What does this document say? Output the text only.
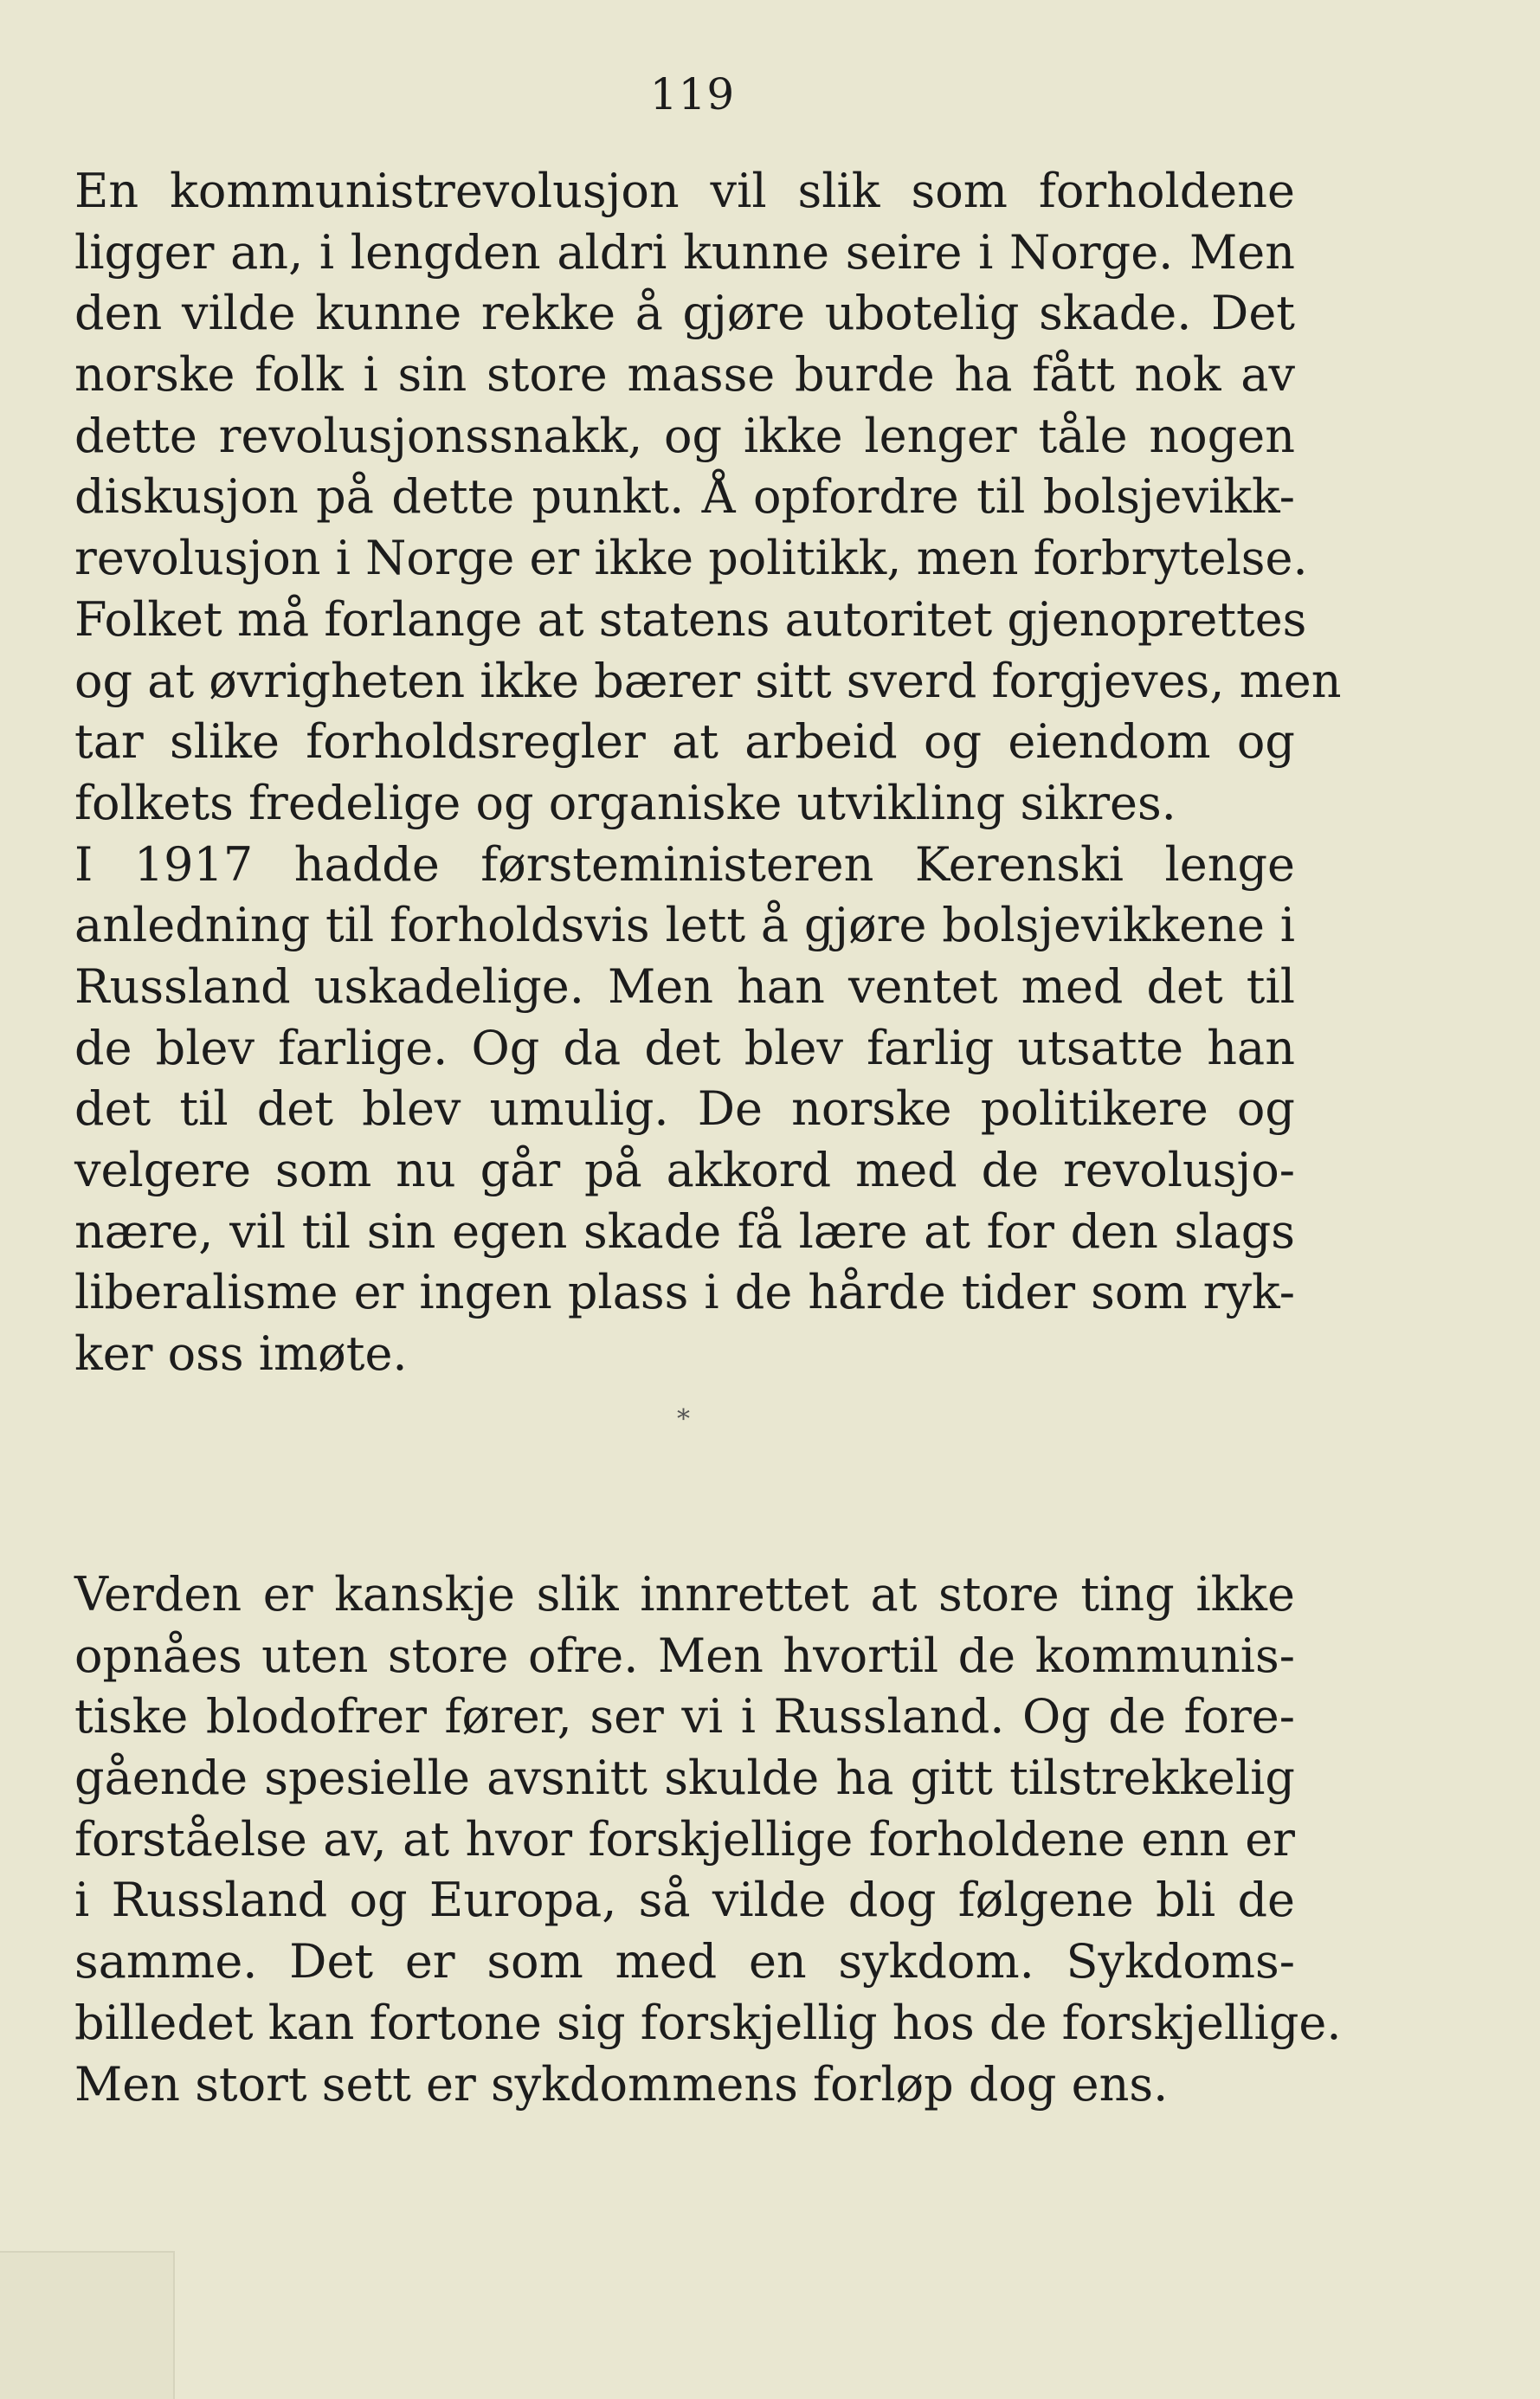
119
En kommunistrevolusjon vil slik som forholdene
ligger an, i lengden aldri kunne seire i Norge. Men
den vilde kunne rekke å gjøre ubotelig skade. Det
norske folk i sin store masse burde ha fått nok av
dette revolusjonssnakk, og ikke lenger tåle nogen
diskusjon på dette punkt. Å opfordre til bolsjevikk-
revolusjon i Norge er ikke politikk, men forbrytelse.
Folket må forlange at statens autoritet gjenoprettes
og at øvrigheten ikke bærer sitt sverd forgjeves, men
tar slike forholdsregler at arbeid og eiendom og
folkets fredelige og organiske utvikling sikres.
I 1917 hadde førsteministeren Kerenski lenge
anledning til forholdsvis lett å gjøre bolsjevikkene i
Russland uskadelige. Men han ventet med det til
de blev farlige. Og da det blev farlig utsatte han
det til det blev umulig. De norske politikere og
velgere som nu går på akkord med de revolusjo-
nære, vil til sin egen skade få lære at for den slags
liberalisme er ingen plass i de hårde tider som ryk-
ker oss imøte.
*
Verden er kanskje slik innrettet at store ting ikke
opnåes uten store ofre. Men hvortil de kommunis-
tiske blodofrer fører, ser vi i Russland. Og de fore-
gående spesielle avsnitt skulde ha gitt tilstrekkelig
forståelse av, at hvor forskjellige forholdene enn er
i Russland og Europa, så vilde dog følgene bli de
samme. Det er som med en sykdom. Sykdoms-
billedet kan fortone sig forskjellig hos de forskjellige.
Men stort sett er sykdommens forløp dog ens.
